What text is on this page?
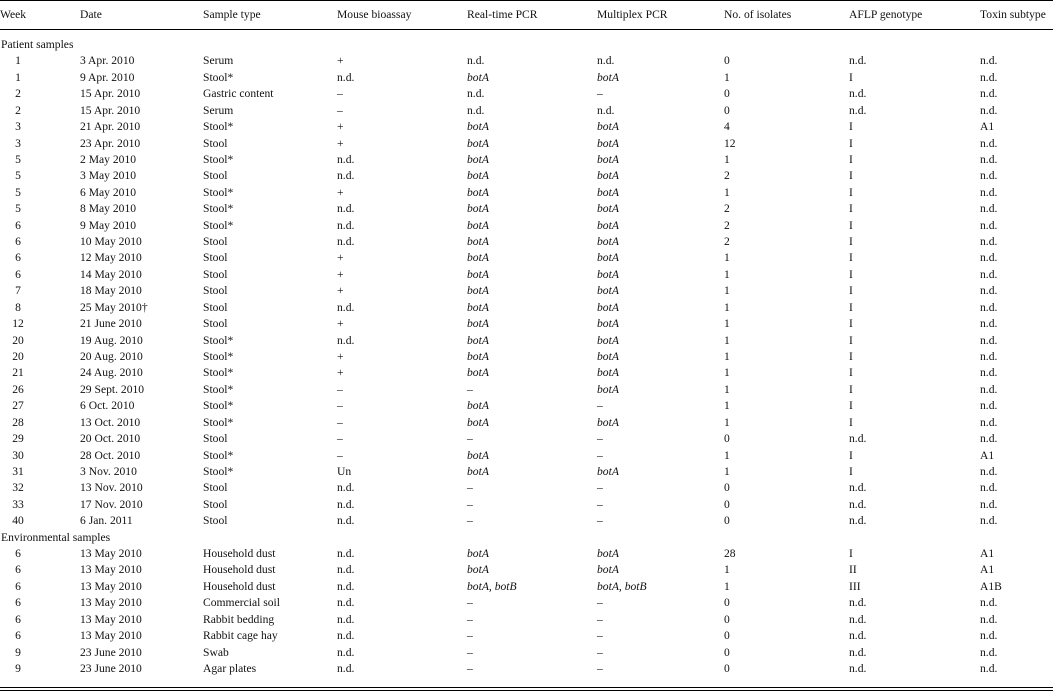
Week	Date	Sample type	Mouse bioassay	Real-time PCR	Multiplex PCR	No. of isolates	AFLP genotype	Toxin subtype
Patient samples
1	3 Apr. 2010	Serum	+	n.d.	n.d.	0	n.d.	n.d.
1	9 Apr. 2010	Stool*	n.d.	botA	botA	1	I	n.d.
2	15 Apr. 2010	Gastric content	–	n.d.	–	0	n.d.	n.d.
2	15 Apr. 2010	Serum	–	n.d.	n.d.	0	n.d.	n.d.
3	21 Apr. 2010	Stool*	+	botA	botA	4	I	A1
3	23 Apr. 2010	Stool	+	botA	botA	12	I	n.d.
5	2 May 2010	Stool*	n.d.	botA	botA	1	I	n.d.
5	3 May 2010	Stool	n.d.	botA	botA	2	I	n.d.
5	6 May 2010	Stool*	+	botA	botA	1	I	n.d.
5	8 May 2010	Stool*	n.d.	botA	botA	2	I	n.d.
6	9 May 2010	Stool*	n.d.	botA	botA	2	I	n.d.
6	10 May 2010	Stool	n.d.	botA	botA	2	I	n.d.
6	12 May 2010	Stool	+	botA	botA	1	I	n.d.
6	14 May 2010	Stool	+	botA	botA	1	I	n.d.
7	18 May 2010	Stool	+	botA	botA	1	I	n.d.
8	25 May 2010†	Stool	n.d.	botA	botA	1	I	n.d.
12	21 June 2010	Stool	+	botA	botA	1	I	n.d.
20	19 Aug. 2010	Stool*	n.d.	botA	botA	1	I	n.d.
20	20 Aug. 2010	Stool*	+	botA	botA	1	I	n.d.
21	24 Aug. 2010	Stool*	+	botA	botA	1	I	n.d.
26	29 Sept. 2010	Stool*	–	–	botA	1	I	n.d.
27	6 Oct. 2010	Stool*	–	botA	–	1	I	n.d.
28	13 Oct. 2010	Stool*	–	botA	botA	1	I	n.d.
29	20 Oct. 2010	Stool	–	–	–	0	n.d.	n.d.
30	28 Oct. 2010	Stool*	–	botA	–	1	I	A1
31	3 Nov. 2010	Stool*	Un	botA	botA	1	I	n.d.
32	13 Nov. 2010	Stool	n.d.	–	–	0	n.d.	n.d.
33	17 Nov. 2010	Stool	n.d.	–	–	0	n.d.	n.d.
40	6 Jan. 2011	Stool	n.d.	–	–	0	n.d.	n.d.
Environmental samples
6	13 May 2010	Household dust	n.d.	botA	botA	28	I	A1
6	13 May 2010	Household dust	n.d.	botA	botA	1	II	A1
6	13 May 2010	Household dust	n.d.	botA, botB	botA, botB	1	III	A1B
6	13 May 2010	Commercial soil	n.d.	–	–	0	n.d.	n.d.
6	13 May 2010	Rabbit bedding	n.d.	–	–	0	n.d.	n.d.
6	13 May 2010	Rabbit cage hay	n.d.	–	–	0	n.d.	n.d.
9	23 June 2010	Swab	n.d.	–	–	0	n.d.	n.d.
9	23 June 2010	Agar plates	n.d.	–	–	0	n.d.	n.d.
